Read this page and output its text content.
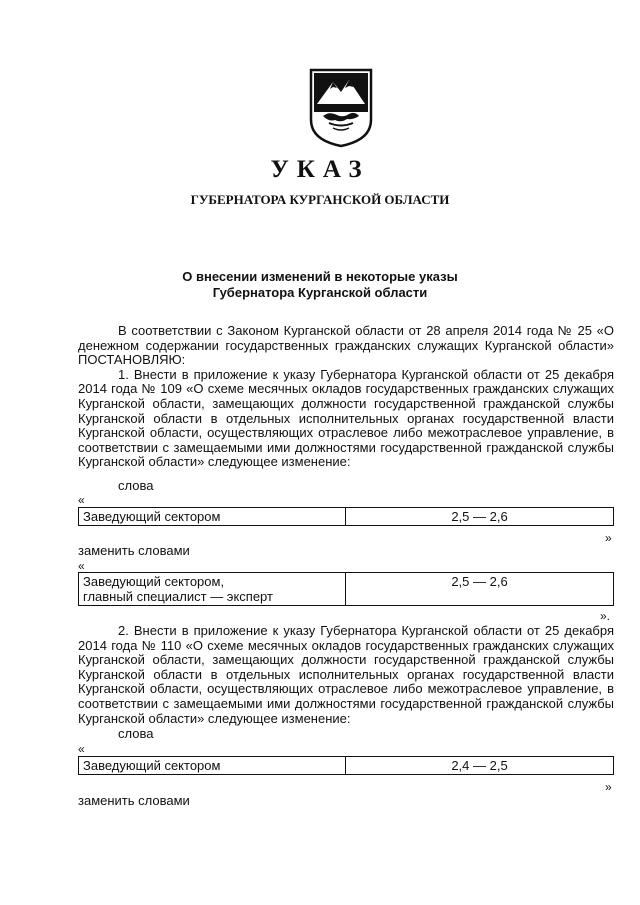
УКАЗ
ГУБЕРНАТОРА КУРГАНСКОЙ ОБЛАСТИ
О внесении изменений в некоторые указы
Губернатора Курганской области

В соответствии с Законом Курганской области от 28 апреля 2014 года № 25 «О денежном содержании государственных гражданских служащих Курганской области» ПОСТАНОВЛЯЮ:

1. Внести в приложение к указу Губернатора Курганской области от 25 декабря 2014 года № 109 «О схеме месячных окладов государственных гражданских служащих Курганской области, замещающих должности государственной гражданской службы Курганской области в отдельных исполнительных органах государственной власти Курганской области, осуществляющих отраслевое либо межотраслевое управление, в соответствии с замещаемыми ими должностями государственной гражданской службы Курганской области» следующее изменение:

слова
«
Заведующий сектором	2,5 — 2,6
»
заменить словами
«
Заведующий сектором,
главный специалист — эксперт
	2,5 — 2,6
».

2. Внести в приложение к указу Губернатора Курганской области от 25 декабря 2014 года № 110 «О схеме месячных окладов государственных гражданских служащих Курганской области, замещающих должности государственной гражданской службы Курганской области в отдельных исполнительных органах государственной власти Курганской области, осуществляющих отраслевое либо межотраслевое управление, в соответствии с замещаемыми ими должностями государственной гражданской службы Курганской области» следующее изменение:

слова
«
Заведующий сектором	2,4 — 2,5
»
заменить словами
